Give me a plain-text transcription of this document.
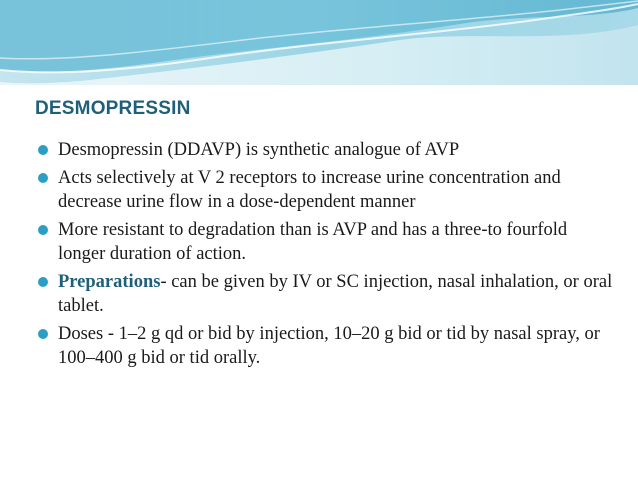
DESMOPRESSIN
Desmopressin (DDAVP) is synthetic analogue of AVP
Acts selectively at V 2 receptors to increase urine concentration and decrease urine flow in a dose-dependent manner
More resistant to degradation than is AVP and has a three-to fourfold longer duration of action.
Preparations- can be given by IV or SC injection, nasal inhalation, or oral tablet.
Doses - 1–2 g qd or bid by injection, 10–20 g bid or tid by nasal spray, or 100–400 g bid or tid orally.
